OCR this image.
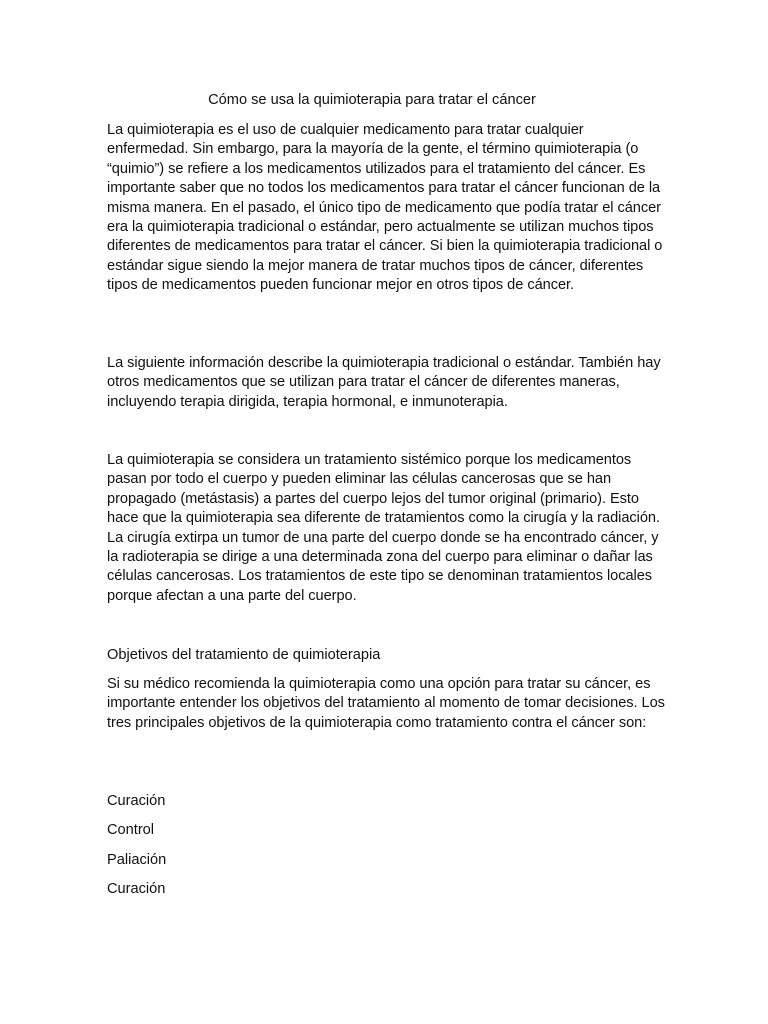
Cómo se usa la quimioterapia para tratar el cáncer

La quimioterapia es el uso de cualquier medicamento para tratar cualquier enfermedad. Sin embargo, para la mayoría de la gente, el término quimioterapia (o “quimio”) se refiere a los medicamentos utilizados para el tratamiento del cáncer. Es importante saber que no todos los medicamentos para tratar el cáncer funcionan de la misma manera. En el pasado, el único tipo de medicamento que podía tratar el cáncer era la quimioterapia tradicional o estándar, pero actualmente se utilizan muchos tipos diferentes de medicamentos para tratar el cáncer. Si bien la quimioterapia tradicional o estándar sigue siendo la mejor manera de tratar muchos tipos de cáncer, diferentes tipos de medicamentos pueden funcionar mejor en otros tipos de cáncer.

La siguiente información describe la quimioterapia tradicional o estándar. También hay otros medicamentos que se utilizan para tratar el cáncer de diferentes maneras, incluyendo terapia dirigida, terapia hormonal, e inmunoterapia.

La quimioterapia se considera un tratamiento sistémico porque los medicamentos pasan por todo el cuerpo y pueden eliminar las células cancerosas que se han propagado (metástasis) a partes del cuerpo lejos del tumor original (primario). Esto hace que la quimioterapia sea diferente de tratamientos como la cirugía y la radiación. La cirugía extirpa un tumor de una parte del cuerpo donde se ha encontrado cáncer, y la radioterapia se dirige a una determinada zona del cuerpo para eliminar o dañar las células cancerosas. Los tratamientos de este tipo se denominan tratamientos locales porque afectan a una parte del cuerpo.

Objetivos del tratamiento de quimioterapia

Si su médico recomienda la quimioterapia como una opción para tratar su cáncer, es importante entender los objetivos del tratamiento al momento de tomar decisiones. Los tres principales objetivos de la quimioterapia como tratamiento contra el cáncer son:

Curación
Control
Paliación
Curación
